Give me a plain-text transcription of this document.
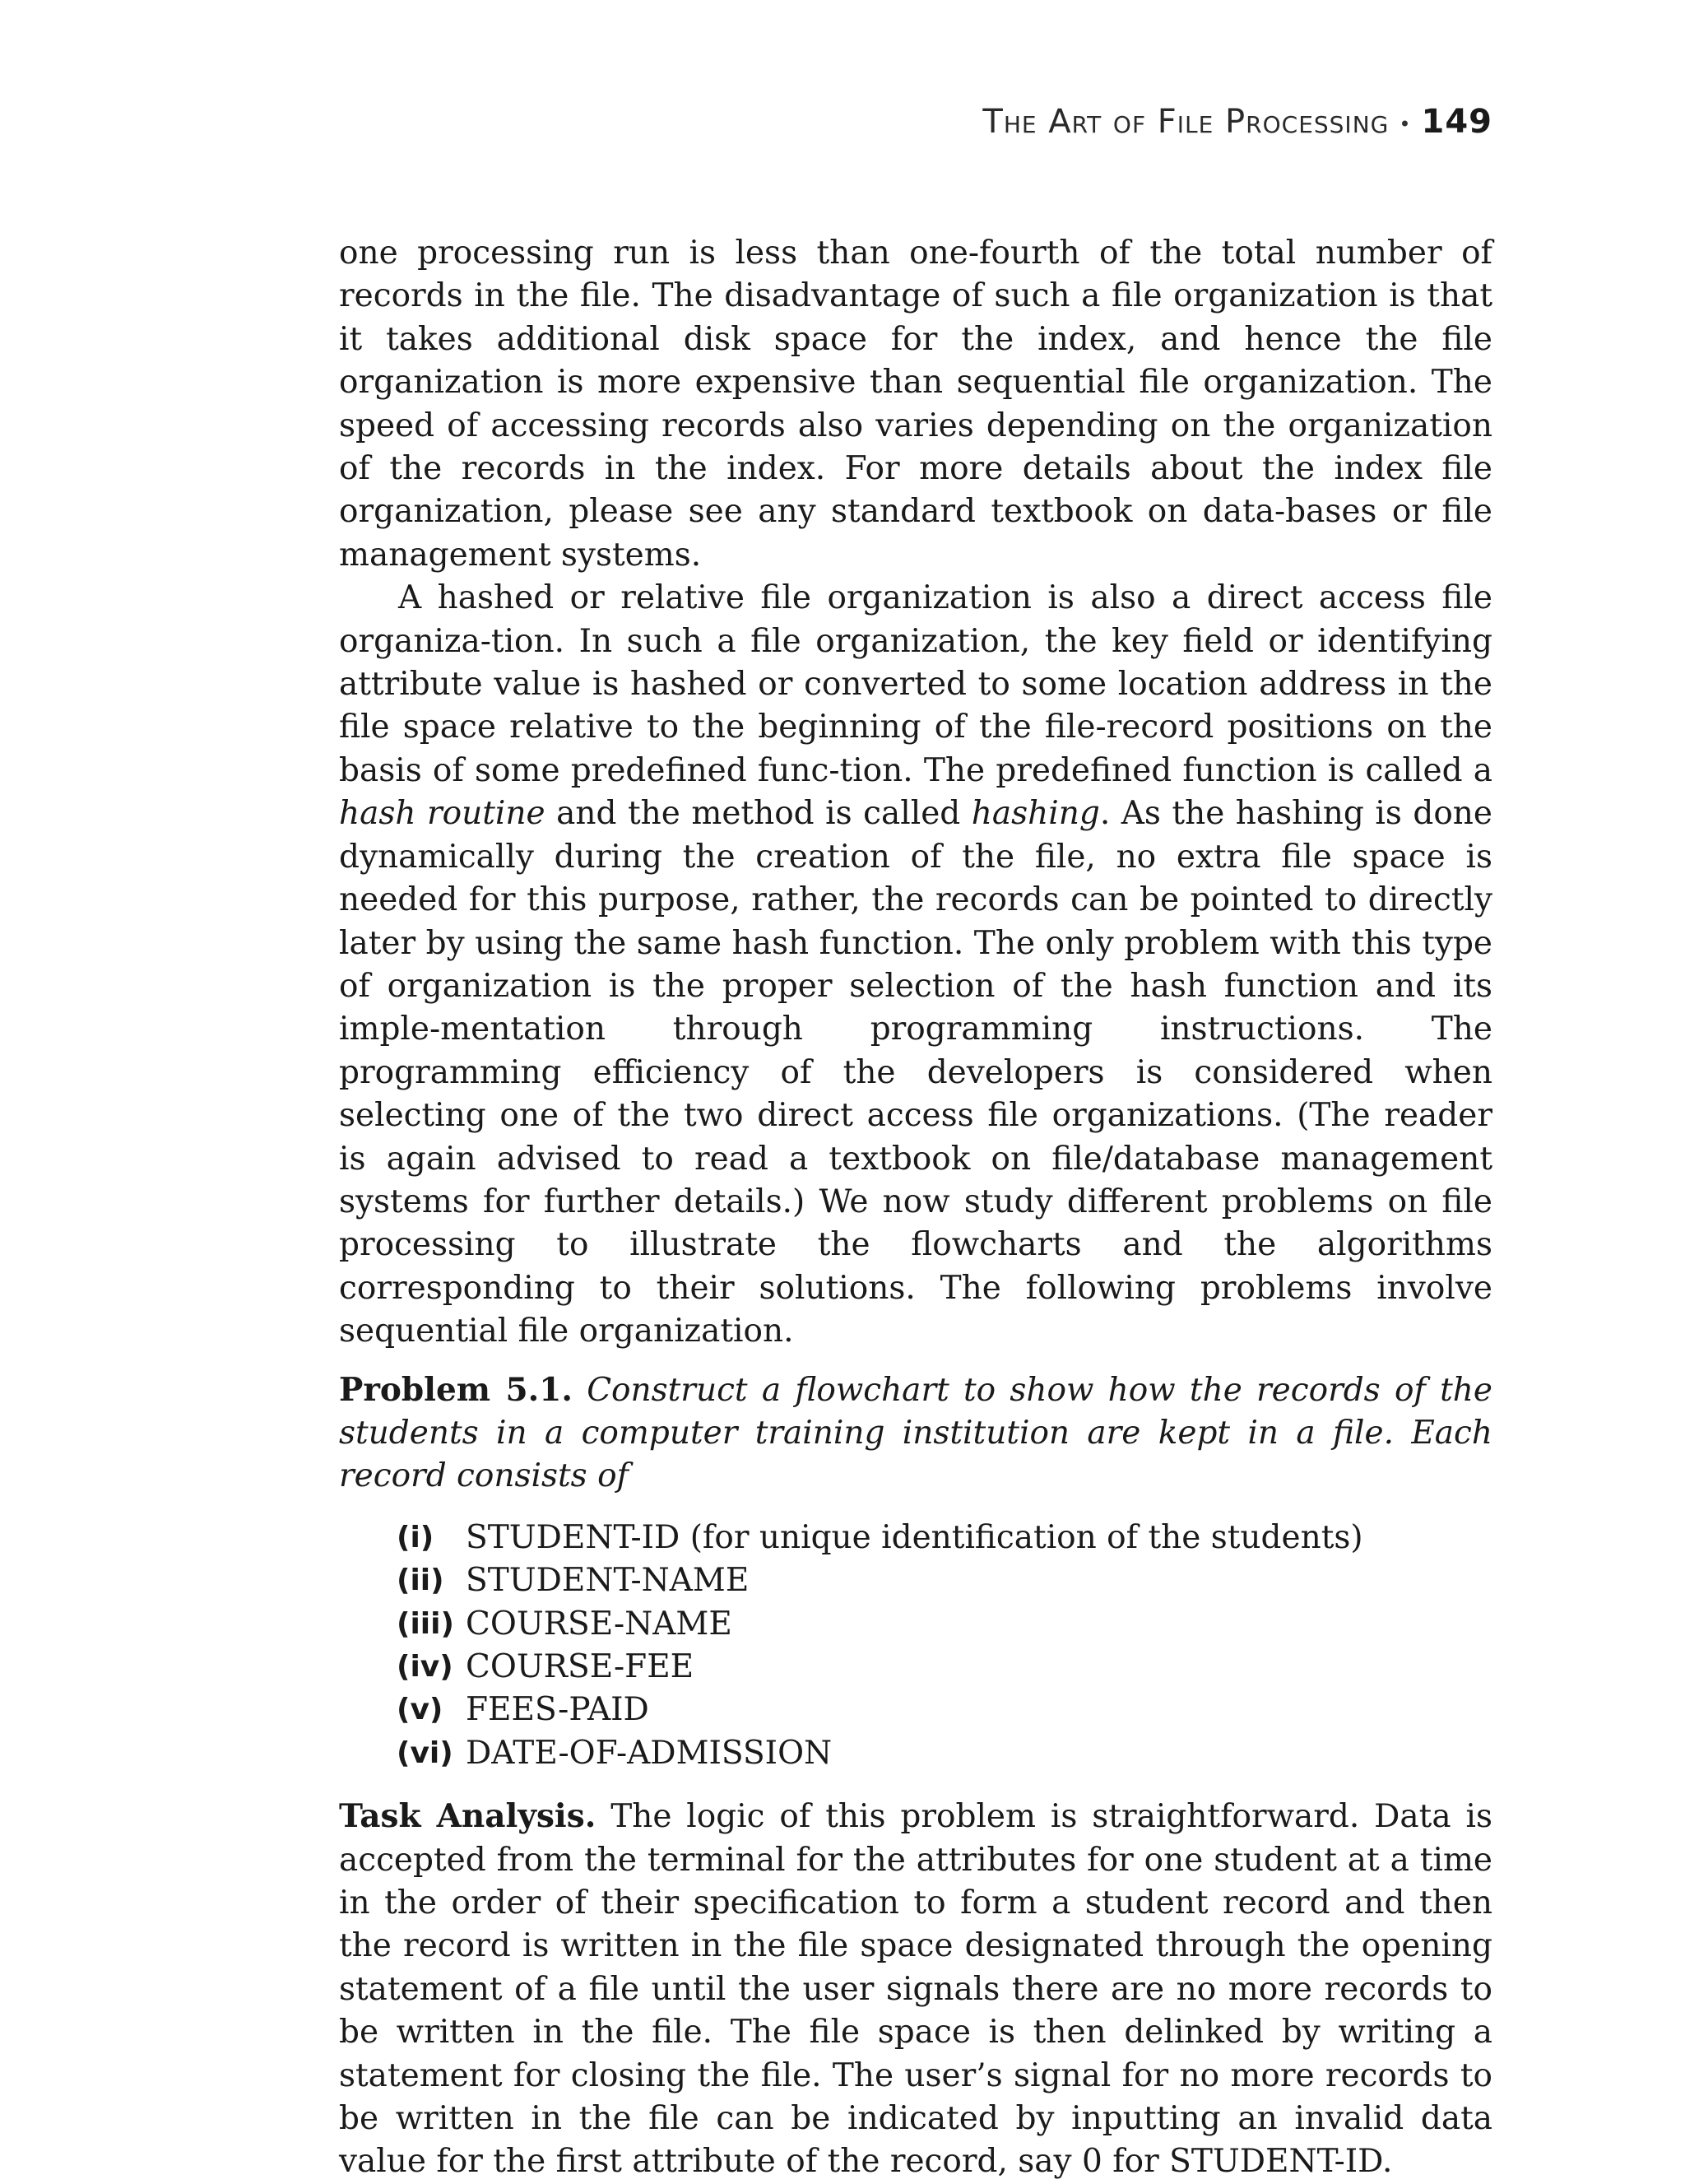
The Art of File Processing • 149

one processing run is less than one-fourth of the total number of records in the file. The disadvantage of such a file organization is that it takes additional disk space for the index, and hence the file organization is more expensive than sequential file organization. The speed of accessing records also varies depending on the organization of the records in the index. For more details about the index file organization, please see any standard textbook on data-bases or file management systems.

A hashed or relative file organization is also a direct access file organiza-tion. In such a file organization, the key field or identifying attribute value is hashed or converted to some location address in the file space relative to the beginning of the file-record positions on the basis of some predefined func-tion. The predefined function is called a hash routine and the method is called hashing. As the hashing is done dynamically during the creation of the file, no extra file space is needed for this purpose, rather, the records can be pointed to directly later by using the same hash function. The only problem with this type of organization is the proper selection of the hash function and its imple-mentation through programming instructions. The programming efficiency of the developers is considered when selecting one of the two direct access file organizations. (The reader is again advised to read a textbook on file/database management systems for further details.) We now study different problems on file processing to illustrate the flowcharts and the algorithms corresponding to their solutions. The following problems involve sequential file organization.

Problem 5.1. Construct a flowchart to show how the records of the students in a computer training institution are kept in a file. Each record consists of

(i) STUDENT-ID (for unique identification of the students)
(ii) STUDENT-NAME
(iii) COURSE-NAME
(iv) COURSE-FEE
(v) FEES-PAID
(vi) DATE-OF-ADMISSION

Task Analysis. The logic of this problem is straightforward. Data is accepted from the terminal for the attributes for one student at a time in the order of their specification to form a student record and then the record is written in the file space designated through the opening statement of a file until the user signals there are no more records to be written in the file. The file space is then delinked by writing a statement for closing the file. The user’s signal for no more records to be written in the file can be indicated by inputting an invalid data value for the first attribute of the record, say 0 for STUDENT-ID.
